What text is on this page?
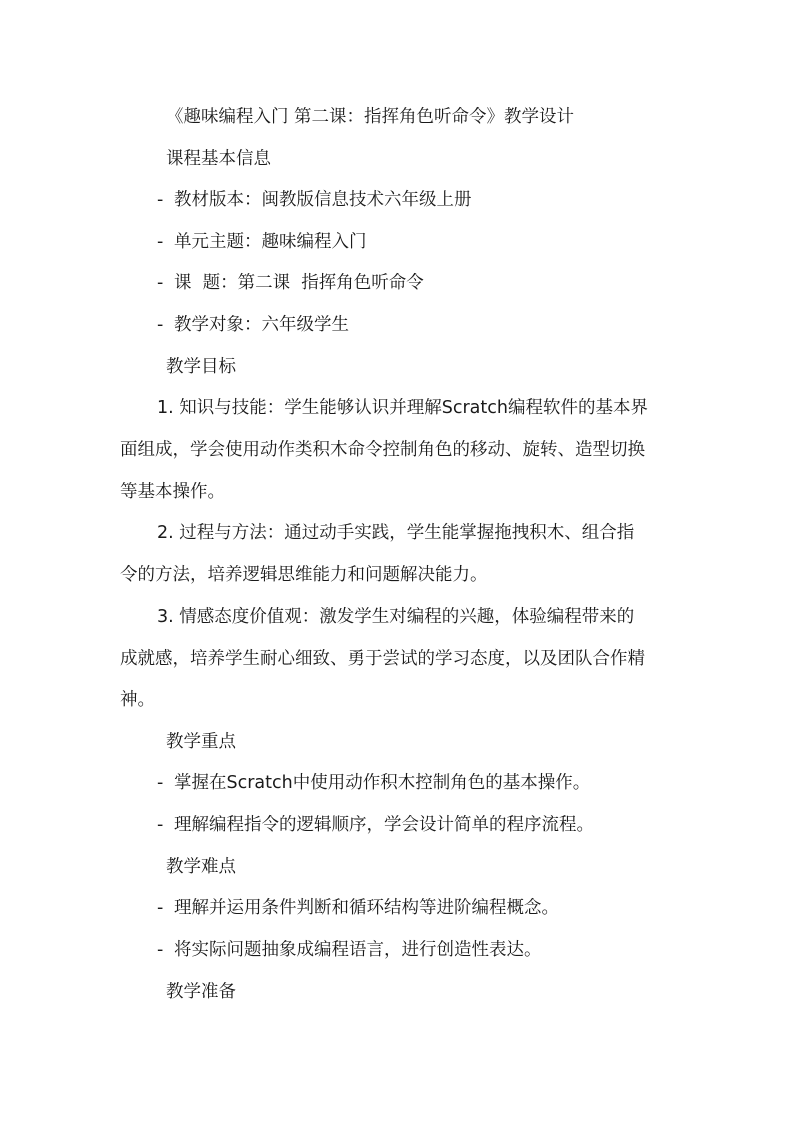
《趣味编程入门 第二课：指挥角色听命令》教学设计
课程基本信息
- 教材版本：闽教版信息技术六年级上册
- 单元主题：趣味编程入门
- 课  题：第二课  指挥角色听命令
- 教学对象：六年级学生
教学目标
1. 知识与技能：学生能够认识并理解Scratch编程软件的基本界
面组成，学会使用动作类积木命令控制角色的移动、旋转、造型切换
等基本操作。
2. 过程与方法：通过动手实践，学生能掌握拖拽积木、组合指
令的方法，培养逻辑思维能力和问题解决能力。
3. 情感态度价值观：激发学生对编程的兴趣，体验编程带来的
成就感，培养学生耐心细致、勇于尝试的学习态度，以及团队合作精
神。
教学重点
- 掌握在Scratch中使用动作积木控制角色的基本操作。
- 理解编程指令的逻辑顺序，学会设计简单的程序流程。
教学难点
- 理解并运用条件判断和循环结构等进阶编程概念。
- 将实际问题抽象成编程语言，进行创造性表达。
教学准备
